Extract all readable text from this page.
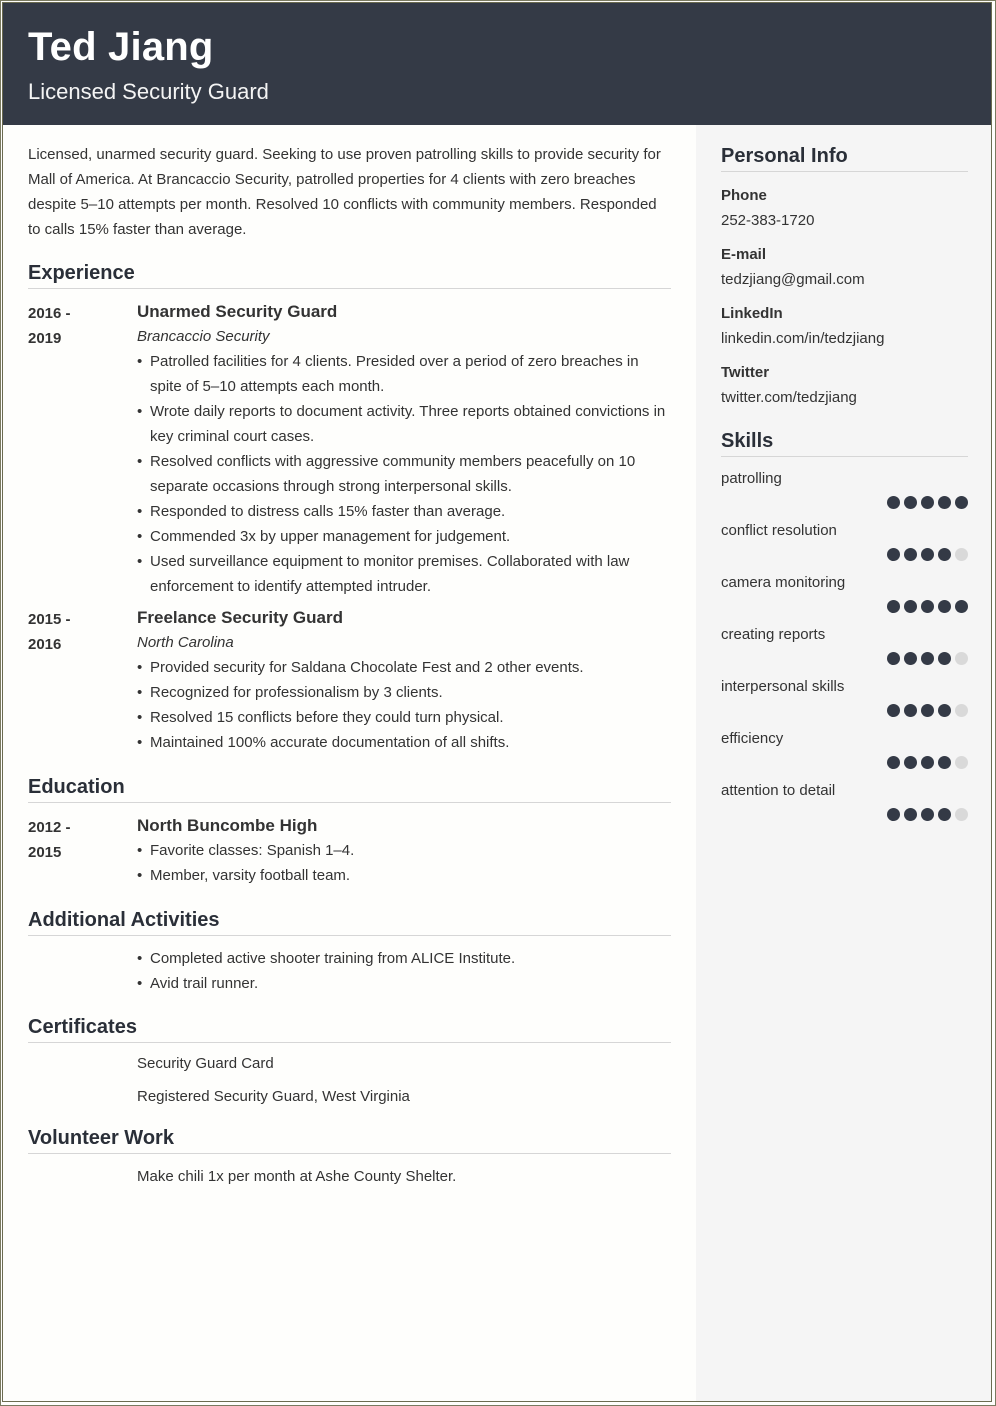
Ted Jiang
Licensed Security Guard

Licensed, unarmed security guard. Seeking to use proven patrolling skills to provide security for Mall of America. At Brancaccio Security, patrolled properties for 4 clients with zero breaches despite 5–10 attempts per month. Resolved 10 conflicts with community members. Responded to calls 15% faster than average.

Experience
2016 -
2019
Unarmed Security Guard
Brancaccio Security
• Patrolled facilities for 4 clients. Presided over a period of zero breaches in spite of 5–10 attempts each month.
• Wrote daily reports to document activity. Three reports obtained convictions in key criminal court cases.
• Resolved conflicts with aggressive community members peacefully on 10 separate occasions through strong interpersonal skills.
• Responded to distress calls 15% faster than average.
• Commended 3x by upper management for judgement.
• Used surveillance equipment to monitor premises. Collaborated with law enforcement to identify attempted intruder.
2015 -
2016
Freelance Security Guard
North Carolina
• Provided security for Saldana Chocolate Fest and 2 other events.
• Recognized for professionalism by 3 clients.
• Resolved 15 conflicts before they could turn physical.
• Maintained 100% accurate documentation of all shifts.
Education
2012 -
2015
North Buncombe High
• Favorite classes: Spanish 1–4.
• Member, varsity football team.
Additional Activities
• Completed active shooter training from ALICE Institute.
• Avid trail runner.
Certificates
Security Guard Card
Registered Security Guard, West Virginia
Volunteer Work
Make chili 1x per month at Ashe County Shelter.
Personal Info
Phone
252-383-1720
E-mail
tedzjiang@gmail.com
LinkedIn
linkedin.com/in/tedzjiang
Twitter
twitter.com/tedzjiang
Skills
patrolling
conflict resolution
camera monitoring
creating reports
interpersonal skills
efficiency
attention to detail
